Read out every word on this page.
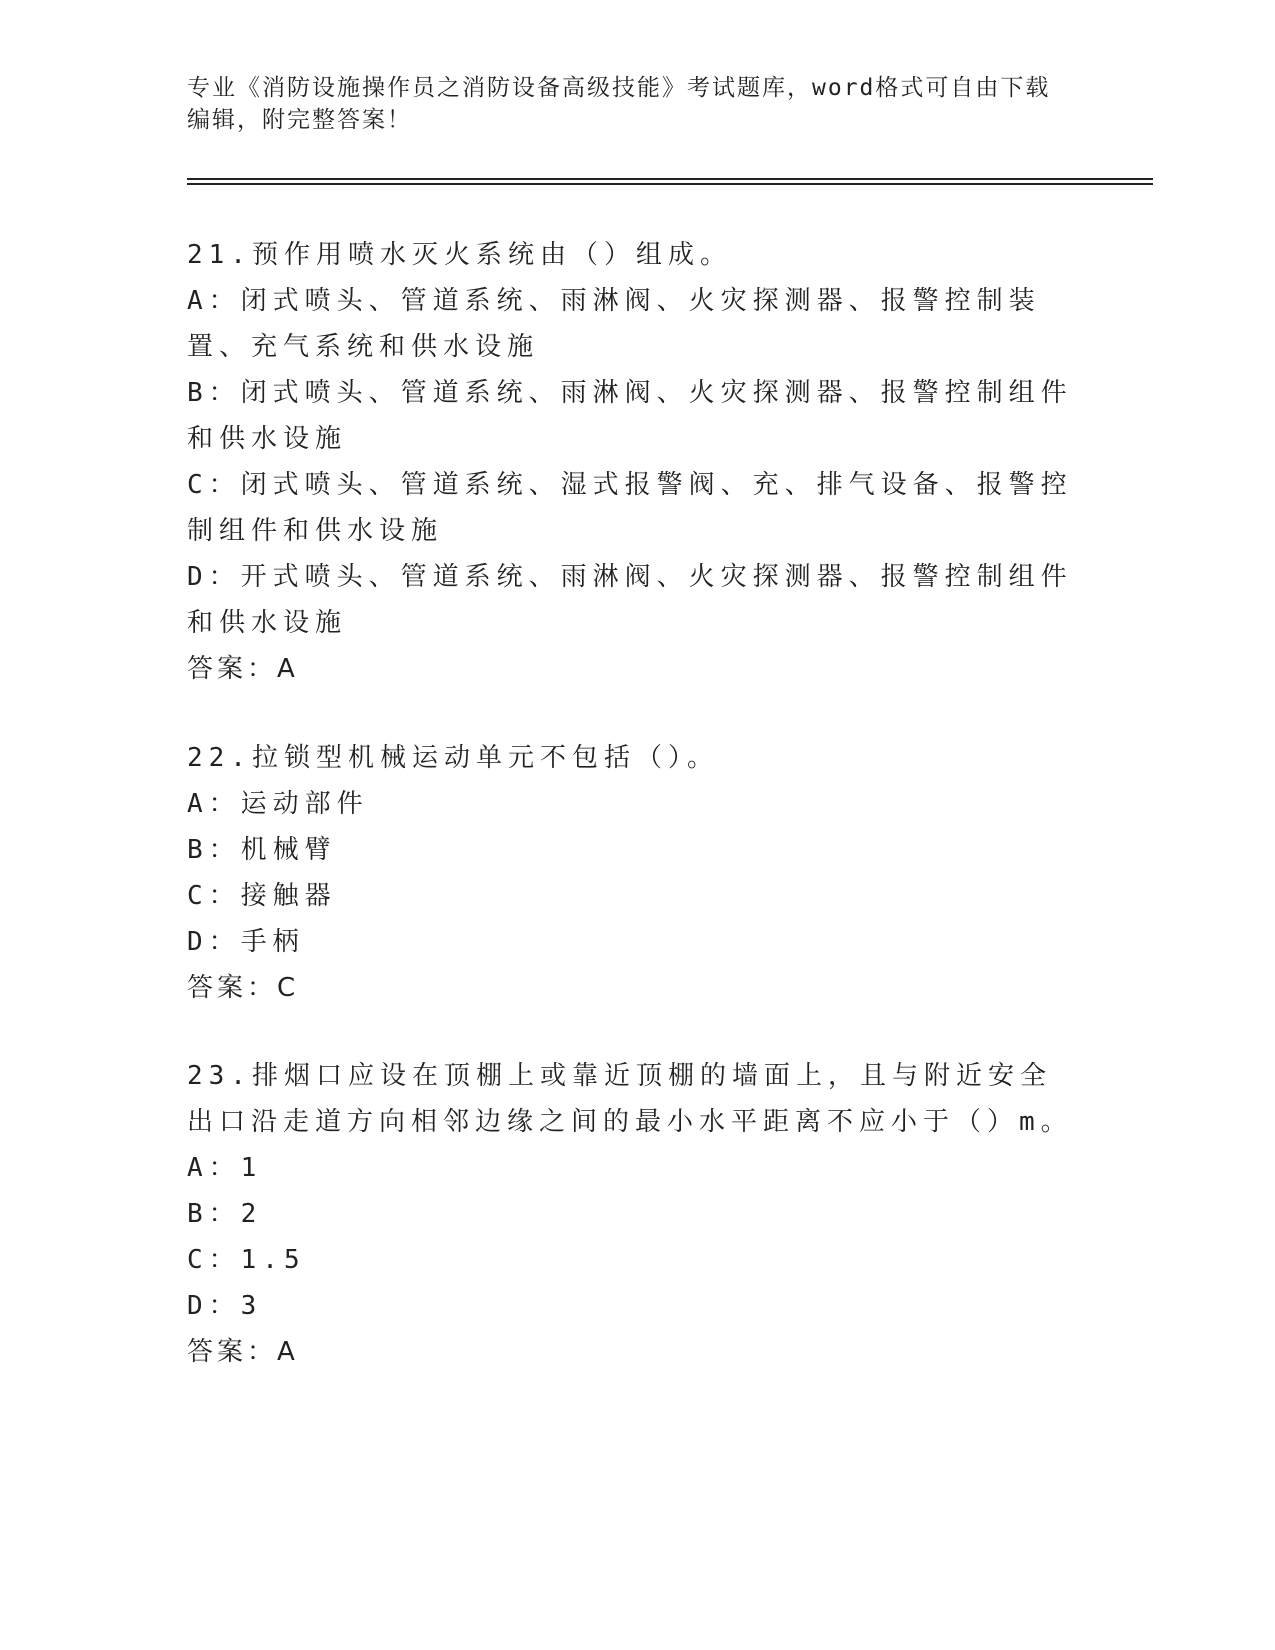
专业《消防设施操作员之消防设备高级技能》考试题库，word格式可自由下载编辑，附完整答案！
21.预作用喷水灭火系统由（）组成。
A：闭式喷头、管道系统、雨淋阀、火灾探测器、报警控制装置、充气系统和供水设施
B：闭式喷头、管道系统、雨淋阀、火灾探测器、报警控制组件和供水设施
C：闭式喷头、管道系统、湿式报警阀、充、排气设备、报警控制组件和供水设施
D：开式喷头、管道系统、雨淋阀、火灾探测器、报警控制组件和供水设施
答案：A
22.拉锁型机械运动单元不包括（）。
A：运动部件
B：机械臂
C：接触器
D：手柄
答案：C
23.排烟口应设在顶棚上或靠近顶棚的墙面上，且与附近安全出口沿走道方向相邻边缘之间的最小水平距离不应小于（）m。
A：1
B：2
C：1.5
D：3
答案：A
